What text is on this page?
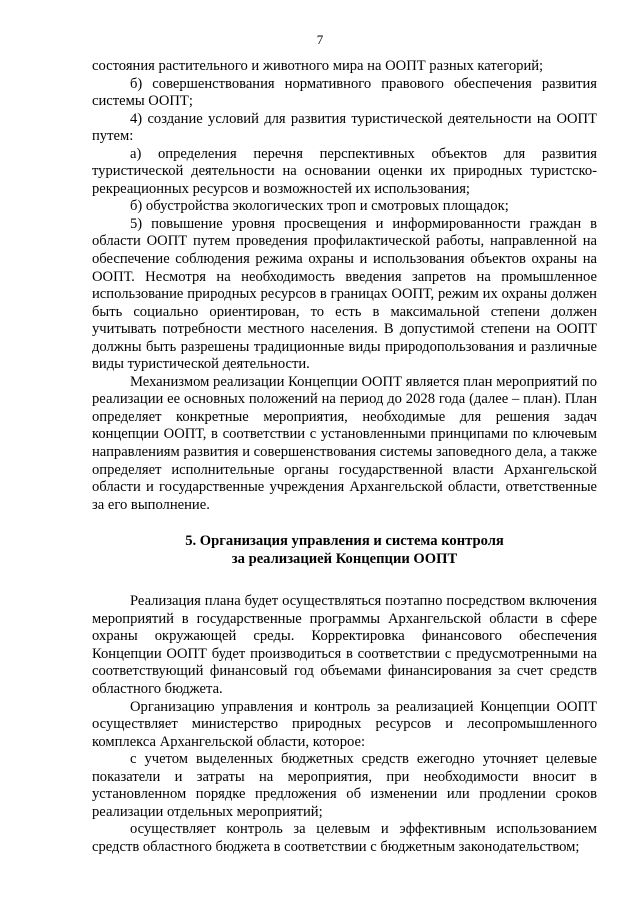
7

состояния растительного и животного мира на ООПТ разных категорий;

б) совершенствования нормативного правового обеспечения развития системы ООПТ;

4) создание условий для развития туристической деятельности на ООПТ путем:

а) определения перечня перспективных объектов для развития туристической деятельности на основании оценки их природных туристско-рекреационных ресурсов и возможностей их использования;

б) обустройства экологических троп и смотровых площадок;

5) повышение уровня просвещения и информированности граждан в области ООПТ путем проведения профилактической работы, направленной на обеспечение соблюдения режима охраны и использования объектов охраны на ООПТ. Несмотря на необходимость введения запретов на промышленное использование природных ресурсов в границах ООПТ, режим их охраны должен быть социально ориентирован, то есть в максимальной степени должен учитывать потребности местного населения. В допустимой степени на ООПТ должны быть разрешены традиционные виды природопользования и различные виды туристической деятельности.

Механизмом реализации Концепции ООПТ является план мероприятий по реализации ее основных положений на период до 2028 года (далее – план). План определяет конкретные мероприятия, необходимые для решения задач концепции ООПТ, в соответствии с установленными принципами по ключевым направлениям развития и совершенствования системы заповедного дела, а также определяет исполнительные органы государственной власти Архангельской области и государственные учреждения Архангельской области, ответственные за его выполнение.

5. Организация управления и система контроля
за реализацией Концепции ООПТ

Реализация плана будет осуществляться поэтапно посредством включения мероприятий в государственные программы Архангельской области в сфере охраны окружающей среды. Корректировка финансового обеспечения Концепции ООПТ будет производиться в соответствии с предусмотренными на соответствующий финансовый год объемами финансирования за счет средств областного бюджета.

Организацию управления и контроль за реализацией Концепции ООПТ осуществляет министерство природных ресурсов и лесопромышленного комплекса Архангельской области, которое:

с учетом выделенных бюджетных средств ежегодно уточняет целевые показатели и затраты на мероприятия, при необходимости вносит в установленном порядке предложения об изменении или продлении сроков реализации отдельных мероприятий;

осуществляет контроль за целевым и эффективным использованием средств областного бюджета в соответствии с бюджетным законодательством;
